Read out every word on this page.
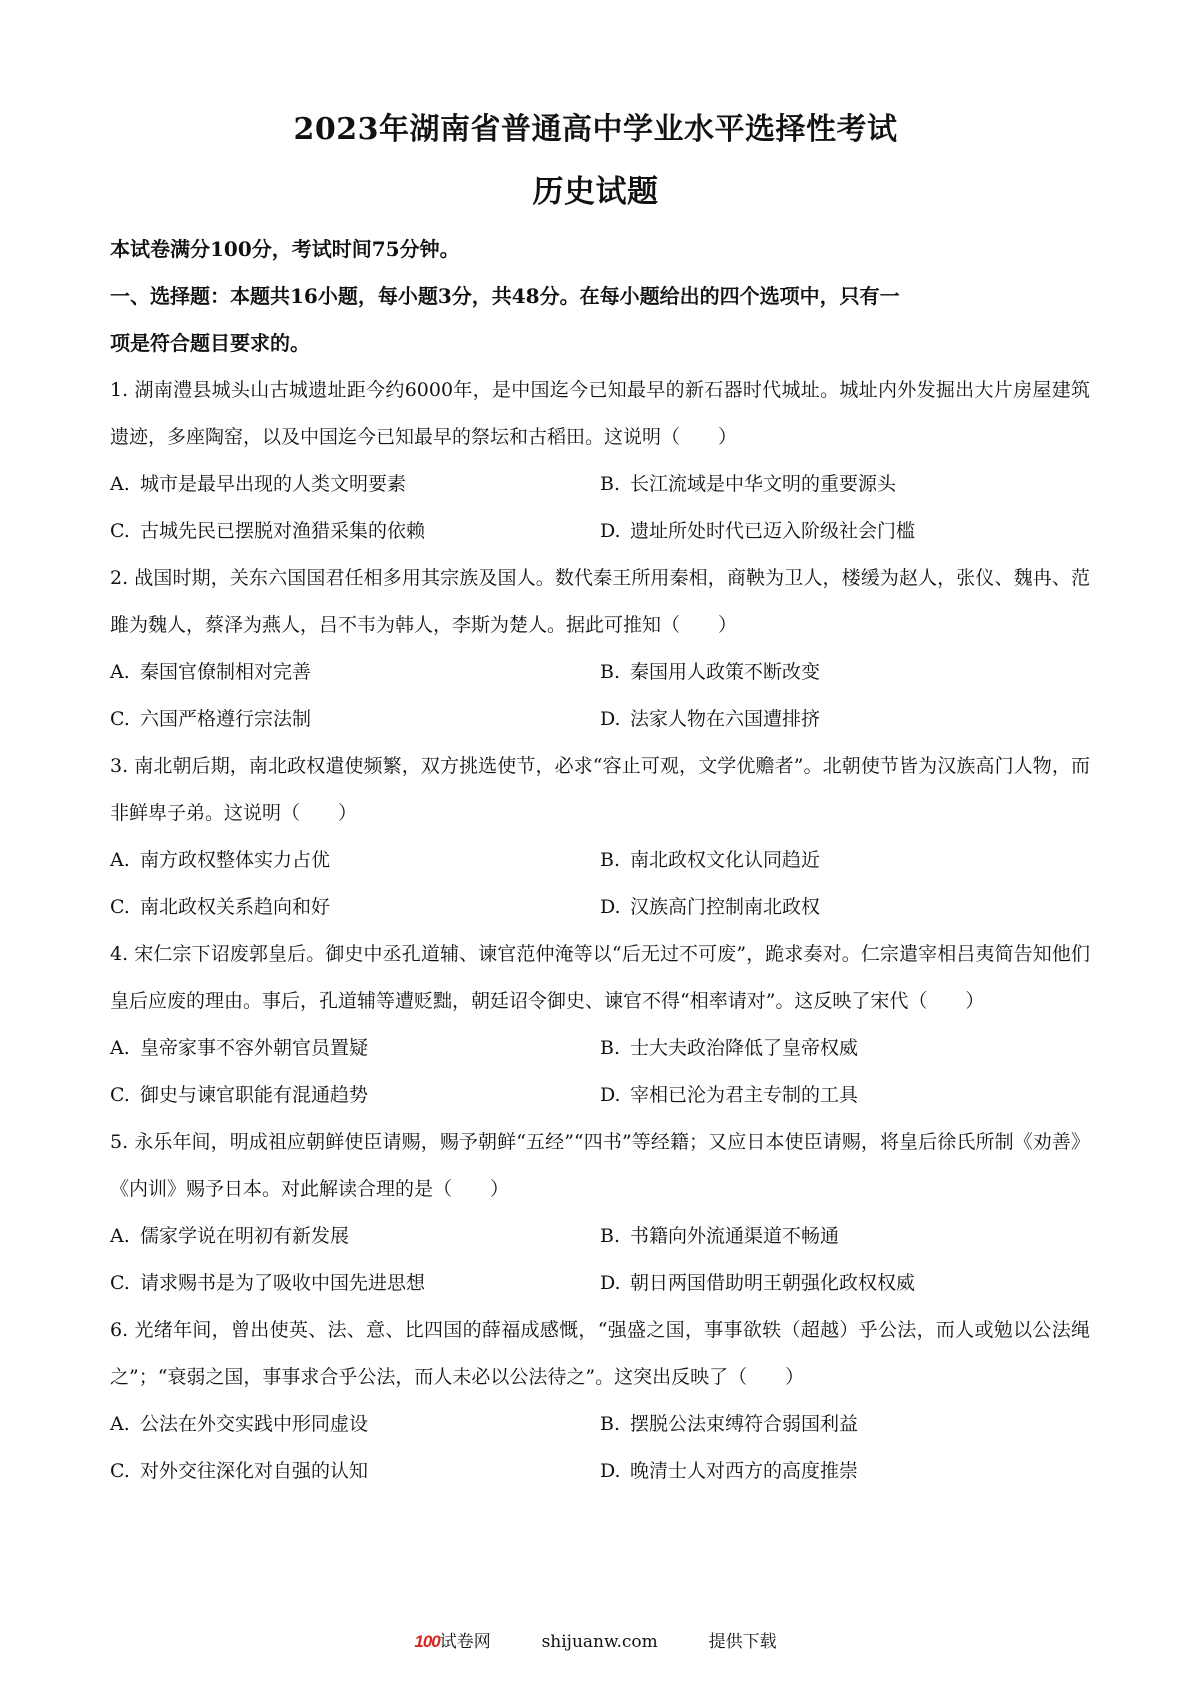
2023年湖南省普通高中学业水平选择性考试
历史试题

本试卷满分100分，考试时间75分钟。

一、选择题：本题共16小题，每小题3分，共48分。在每小题给出的四个选项中，只有一

项是符合题目要求的。

1. 湖南澧县城头山古城遗址距今约6000年，是中国迄今已知最早的新石器时代城址。城址内外发掘出大片房屋建筑遗迹，多座陶窑，以及中国迄今已知最早的祭坛和古稻田。这说明（　　）

A. 城市是最早出现的人类文明要素	B. 长江流域是中华文明的重要源头
C. 古城先民已摆脱对渔猎采集的依赖	D. 遗址所处时代已迈入阶级社会门槛

2. 战国时期，关东六国国君任相多用其宗族及国人。数代秦王所用秦相，商鞅为卫人，楼缓为赵人，张仪、魏冉、范雎为魏人，蔡泽为燕人，吕不韦为韩人，李斯为楚人。据此可推知（　　）

A. 秦国官僚制相对完善	B. 秦国用人政策不断改变
C. 六国严格遵行宗法制	D. 法家人物在六国遭排挤

3. 南北朝后期，南北政权遣使频繁，双方挑选使节，必求“容止可观，文学优赡者”。北朝使节皆为汉族高门人物，而非鲜卑子弟。这说明（　　）

A. 南方政权整体实力占优	B. 南北政权文化认同趋近
C. 南北政权关系趋向和好	D. 汉族高门控制南北政权

4. 宋仁宗下诏废郭皇后。御史中丞孔道辅、谏官范仲淹等以“后无过不可废”，跪求奏对。仁宗遣宰相吕夷简告知他们皇后应废的理由。事后，孔道辅等遭贬黜，朝廷诏令御史、谏官不得“相率请对”。这反映了宋代（　　）

A. 皇帝家事不容外朝官员置疑	B. 士大夫政治降低了皇帝权威
C. 御史与谏官职能有混通趋势	D. 宰相已沦为君主专制的工具

5. 永乐年间，明成祖应朝鲜使臣请赐，赐予朝鲜“五经”“四书”等经籍；又应日本使臣请赐，将皇后徐氏所制《劝善》《内训》赐予日本。对此解读合理的是（　　）

A. 儒家学说在明初有新发展	B. 书籍向外流通渠道不畅通
C. 请求赐书是为了吸收中国先进思想	D. 朝日两国借助明王朝强化政权权威

6. 光绪年间，曾出使英、法、意、比四国的薛福成感慨，“强盛之国，事事欲轶（超越）乎公法，而人或勉以公法绳之”；“衰弱之国，事事求合乎公法，而人未必以公法待之”。这突出反映了（　　）

A. 公法在外交实践中形同虚设	B. 摆脱公法束缚符合弱国利益
C. 对外交往深化对自强的认知	D. 晚清士人对西方的高度推崇
100试卷网	shijuanw.com	提供下载
